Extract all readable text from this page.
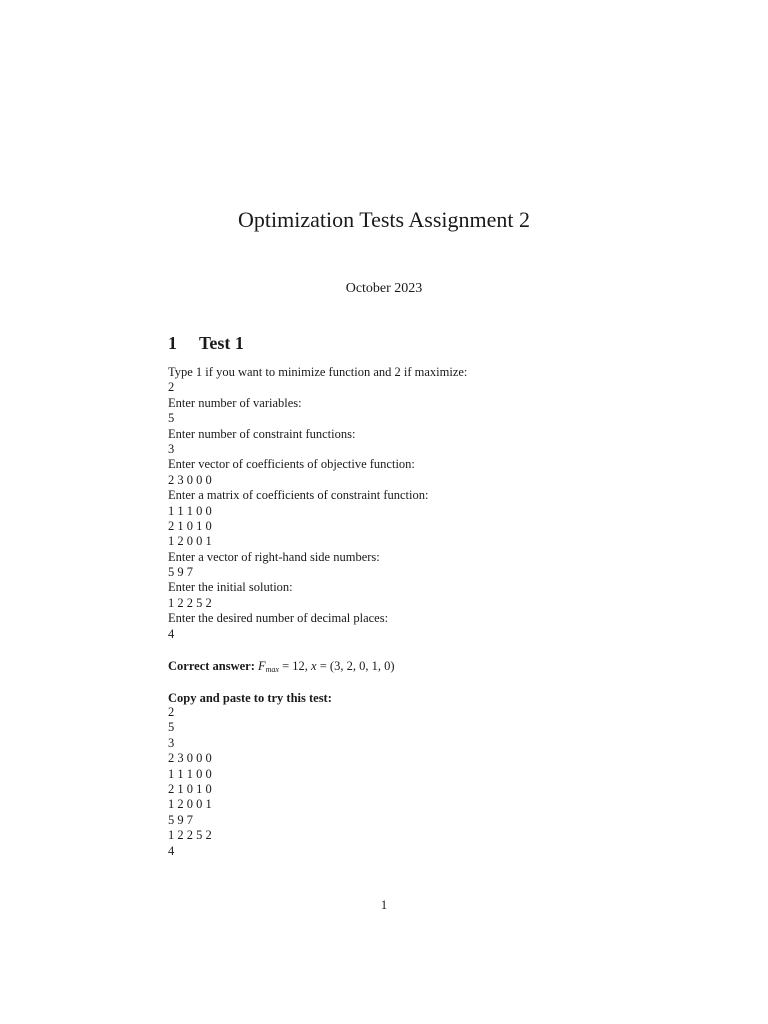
Optimization Tests Assignment 2
October 2023
1 Test 1
Type 1 if you want to minimize function and 2 if maximize:
2
Enter number of variables:
5
Enter number of constraint functions:
3
Enter vector of coefficients of objective function:
2 3 0 0 0
Enter a matrix of coefficients of constraint function:
1 1 1 0 0
2 1 0 1 0
1 2 0 0 1
Enter a vector of right-hand side numbers:
5 9 7
Enter the initial solution:
1 2 2 5 2
Enter the desired number of decimal places:
4
Correct answer: $F_{max} = 12$, x = (3, 2, 0, 1, 0)
Copy and paste to try this test:
2
5
3
2 3 0 0 0
1 1 1 0 0
2 1 0 1 0
1 2 0 0 1
5 9 7
1 2 2 5 2
4
1
